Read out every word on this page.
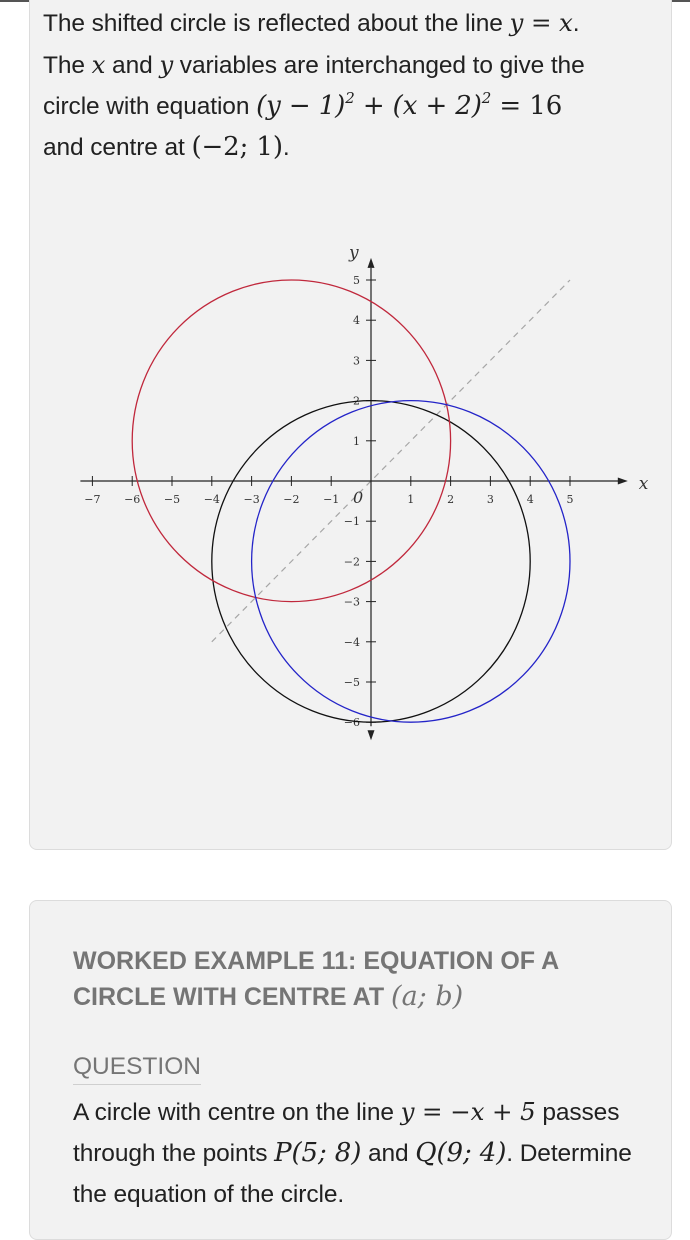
The shifted circle is reflected about the line y = x. The x and y variables are interchanged to give the circle with equation $(y - 1)^2 + (x + 2)^2 = 16$ and centre at (−2; 1).
−7 −6 −5 −4 −3 −2 −1	1	2	3	4	5
5
4
3
2
1
−1
−2
−3
−4
−5
−6
x
y
0
WORKED EXAMPLE 11: EQUATION OF A CIRCLE WITH CENTRE AT (a; b)
QUESTION
A circle with centre on the line y = −x + 5 passes through the points P(5; 8) and Q(9; 4). Determine the equation of the circle.
